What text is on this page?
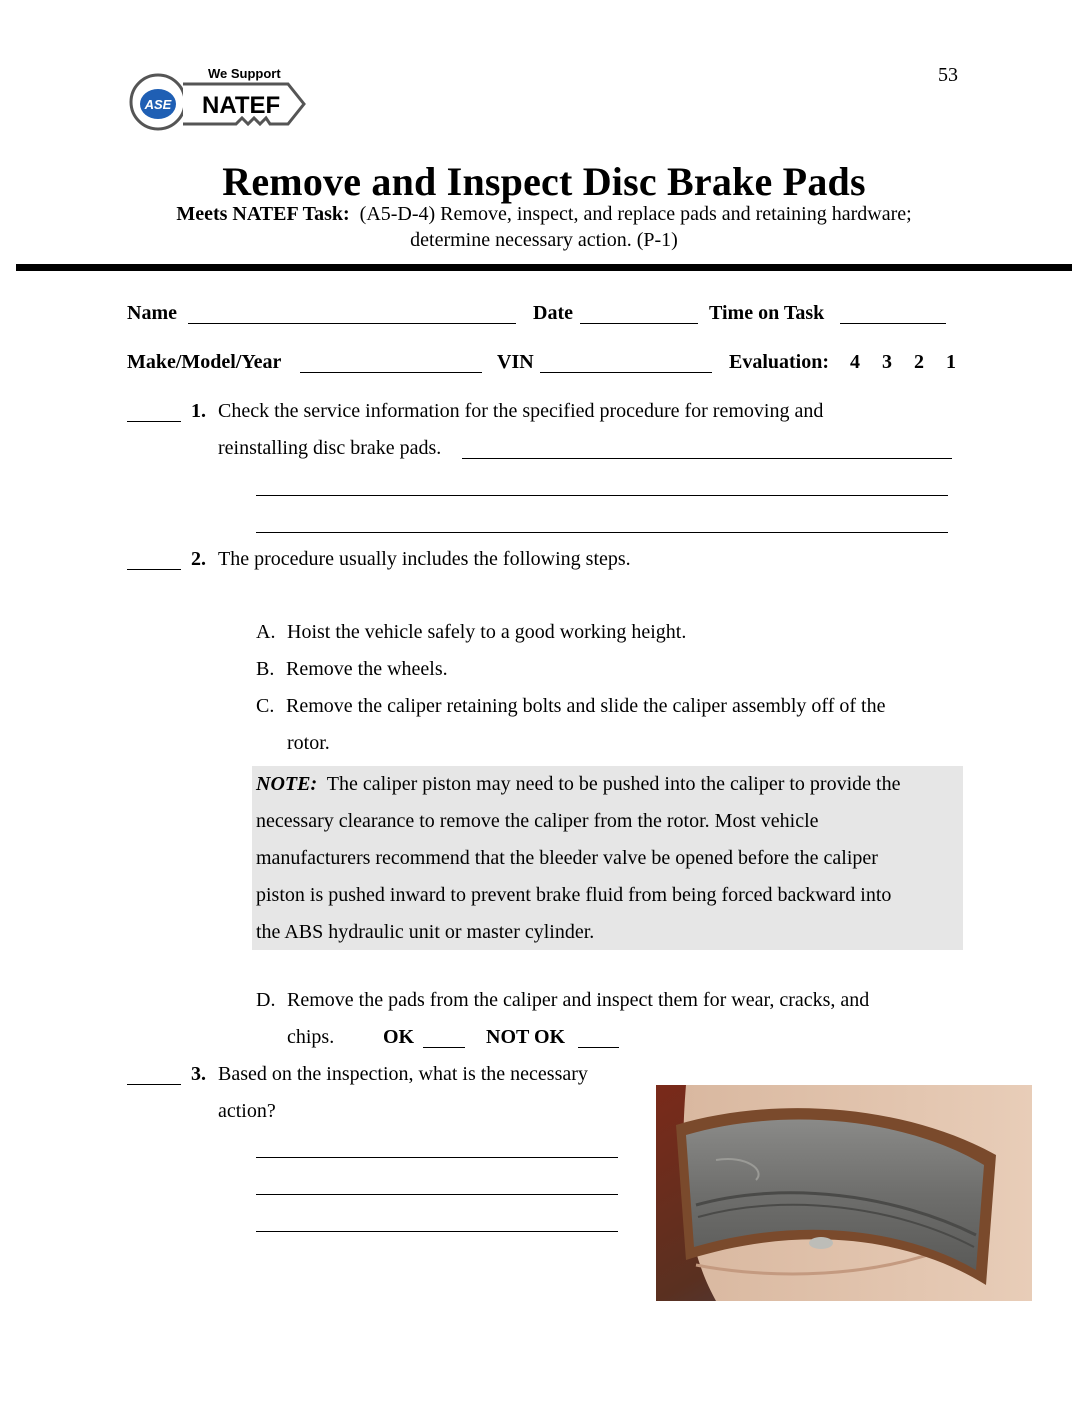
53
ASE
We Support
NATEF
Remove and Inspect Disc Brake Pads
Meets NATEF Task: (A5-D-4) Remove, inspect, and replace pads and retaining hardware;
determine necessary action. (P-1)
Name	Date	Time on Task
Make/Model/Year	VIN	Evaluation: 4 3 2 1
1. Check the service information for the specified procedure for removing and
reinstalling disc brake pads.
2. The procedure usually includes the following steps.
A. Hoist the vehicle safely to a good working height.
B. Remove the wheels.
C. Remove the caliper retaining bolts and slide the caliper assembly off of the
rotor.
NOTE: The caliper piston may need to be pushed into the caliper to provide the
necessary clearance to remove the caliper from the rotor. Most vehicle
manufacturers recommend that the bleeder valve be opened before the caliper
piston is pushed inward to prevent brake fluid from being forced backward into
the ABS hydraulic unit or master cylinder.
D. Remove the pads from the caliper and inspect them for wear, cracks, and
chips. OK	NOT OK
3. Based on the inspection, what is the necessary
action?
